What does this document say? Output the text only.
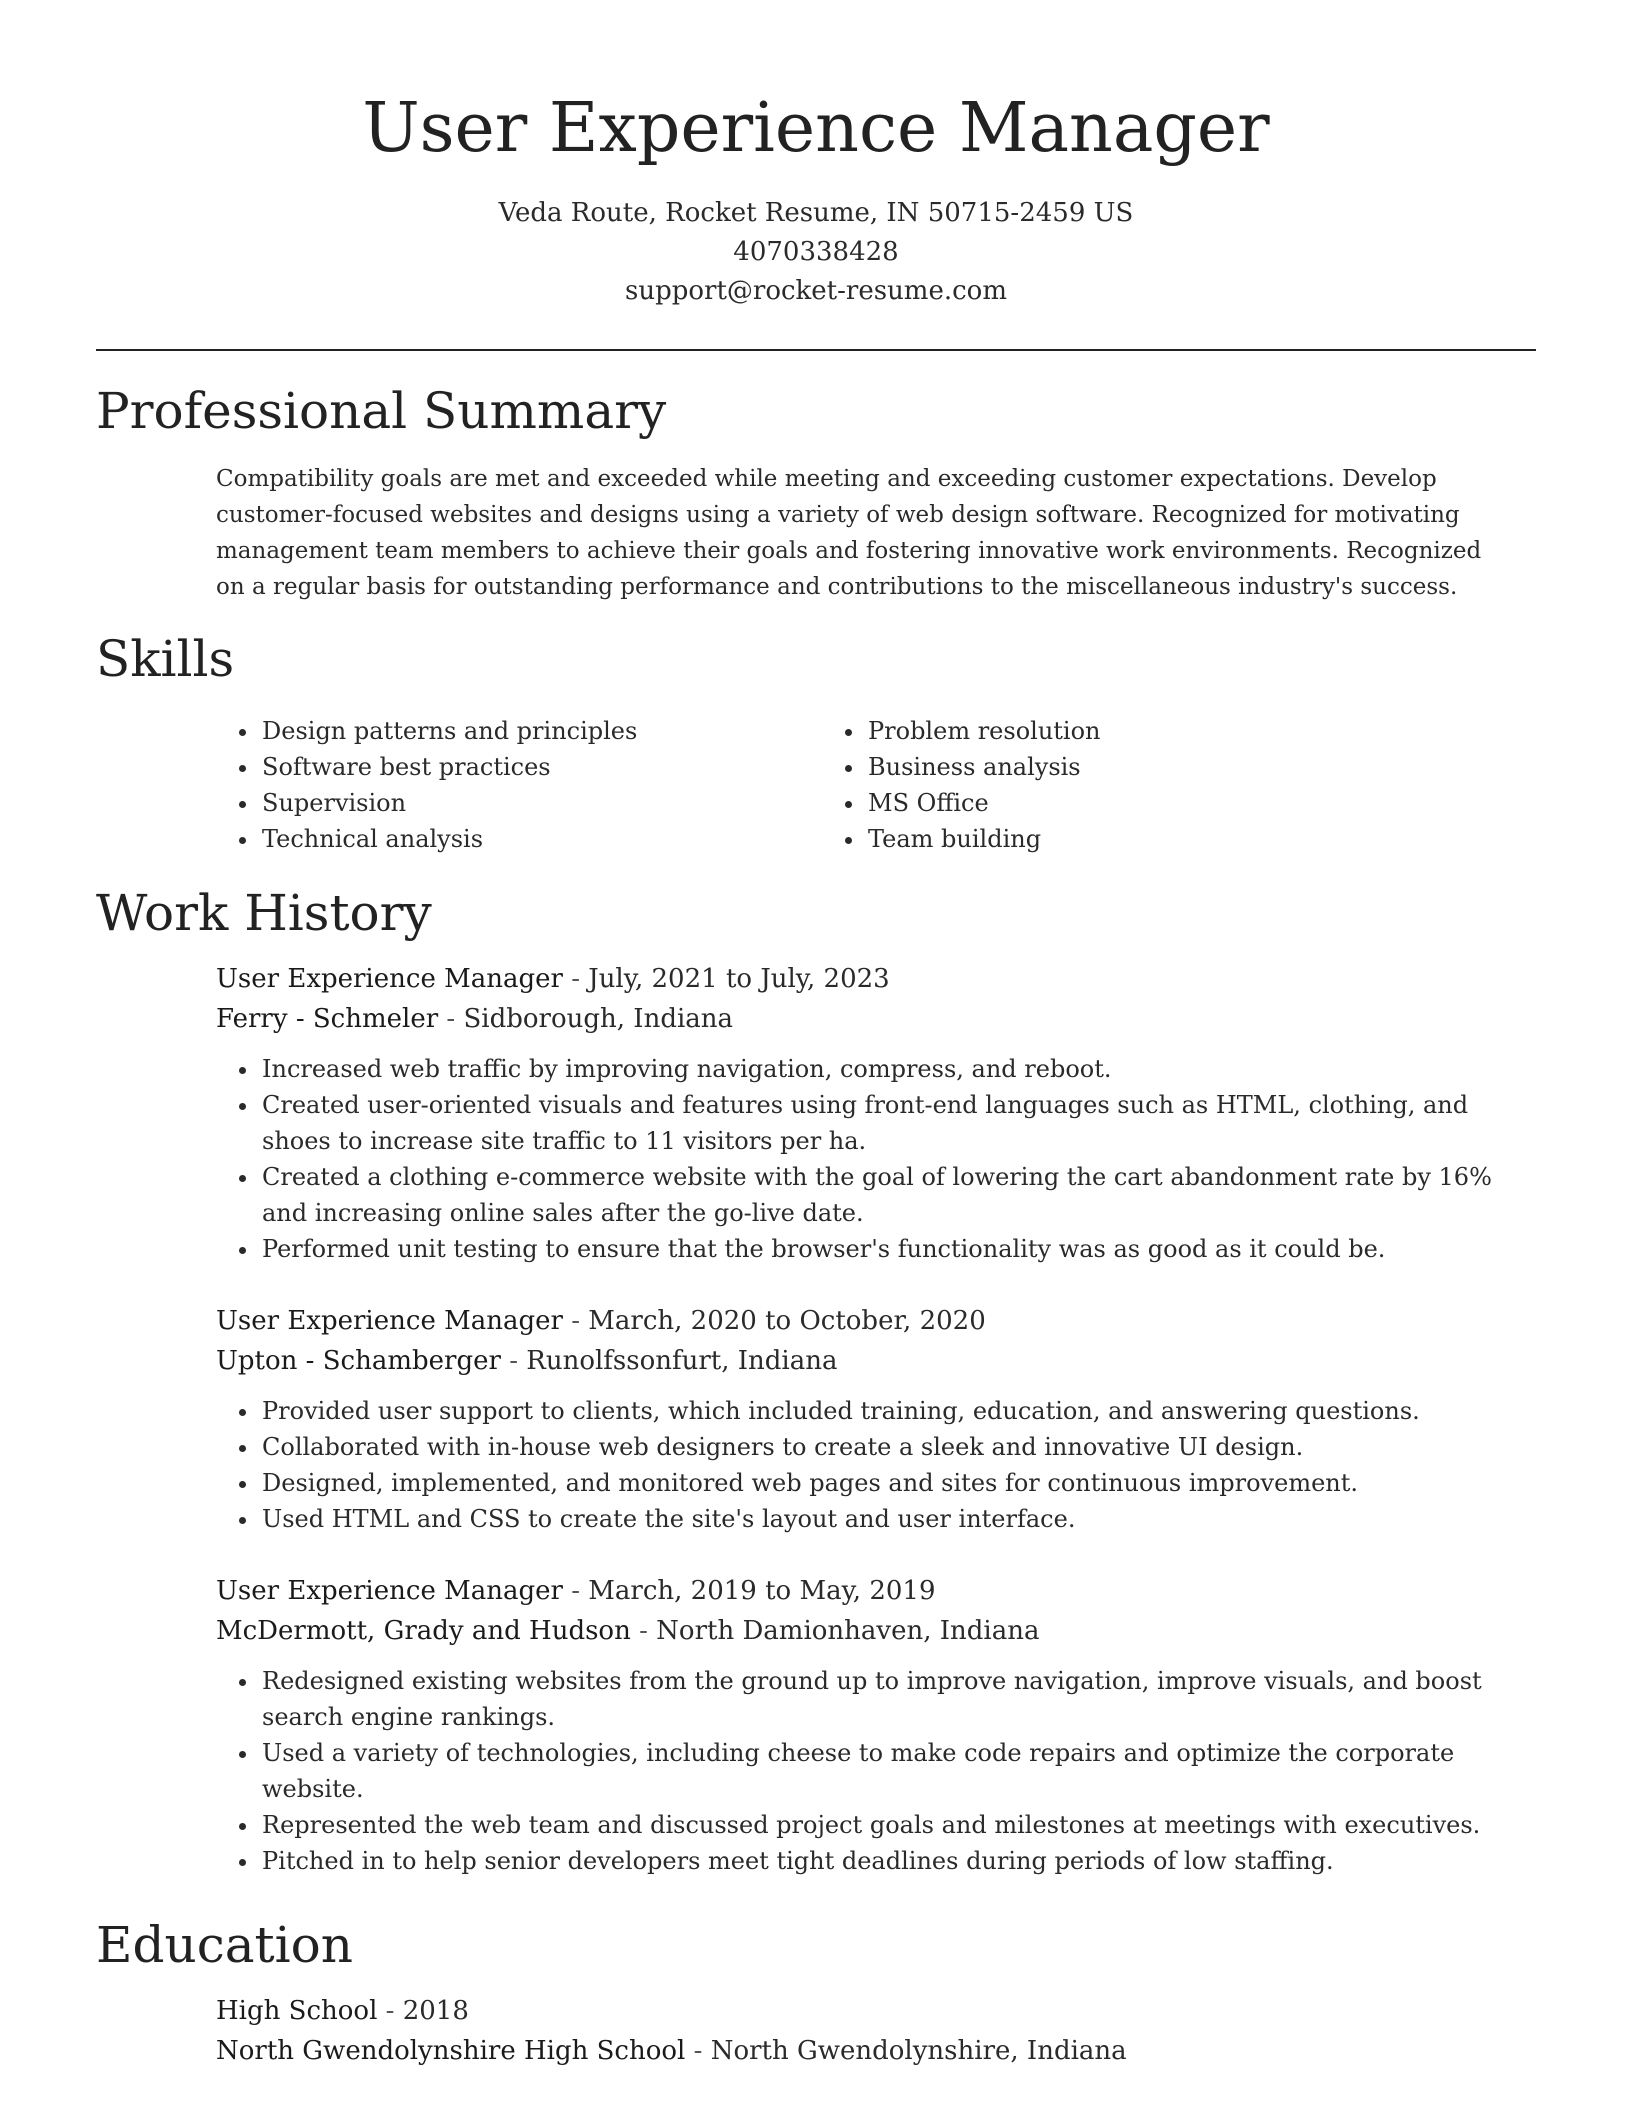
User Experience Manager
Veda Route, Rocket Resume, IN 50715-2459 US
4070338428
support@rocket-resume.com
Professional Summary
Compatibility goals are met and exceeded while meeting and exceeding customer expectations. Develop customer-focused websites and designs using a variety of web design software. Recognized for motivating management team members to achieve their goals and fostering innovative work environments. Recognized on a regular basis for outstanding performance and contributions to the miscellaneous industry's success.
Skills
• Design patterns and principles
• Software best practices
• Supervision
• Technical analysis
• Problem resolution
• Business analysis
• MS Office
• Team building
Work History
User Experience Manager - July, 2021 to July, 2023
Ferry - Schmeler - Sidborough, Indiana
• Increased web traffic by improving navigation, compress, and reboot.
• Created user-oriented visuals and features using front-end languages such as HTML, clothing, and shoes to increase site traffic to 11 visitors per ha.
• Created a clothing e-commerce website with the goal of lowering the cart abandonment rate by 16% and increasing online sales after the go-live date.
• Performed unit testing to ensure that the browser's functionality was as good as it could be.
User Experience Manager - March, 2020 to October, 2020
Upton - Schamberger - Runolfssonfurt, Indiana
• Provided user support to clients, which included training, education, and answering questions.
• Collaborated with in-house web designers to create a sleek and innovative UI design.
• Designed, implemented, and monitored web pages and sites for continuous improvement.
• Used HTML and CSS to create the site's layout and user interface.
User Experience Manager - March, 2019 to May, 2019
McDermott, Grady and Hudson - North Damionhaven, Indiana
• Redesigned existing websites from the ground up to improve navigation, improve visuals, and boost search engine rankings.
• Used a variety of technologies, including cheese to make code repairs and optimize the corporate website.
• Represented the web team and discussed project goals and milestones at meetings with executives.
• Pitched in to help senior developers meet tight deadlines during periods of low staffing.
Education
High School - 2018
North Gwendolynshire High School - North Gwendolynshire, Indiana
